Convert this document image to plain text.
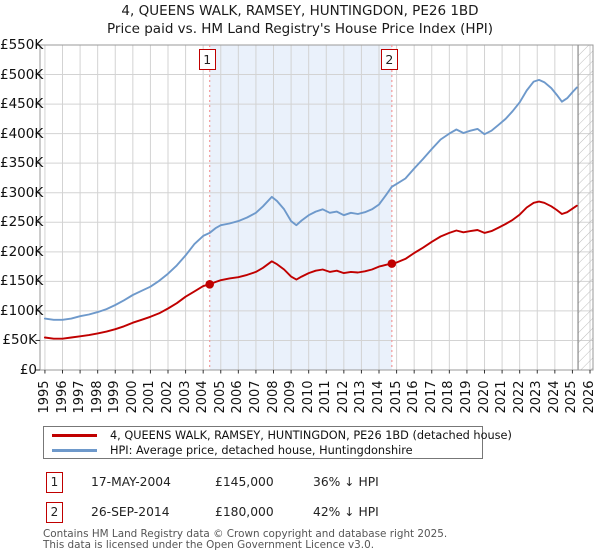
4, QUEENS WALK, RAMSEY, HUNTINGDON, PE26 1BD
Price paid vs. HM Land Registry's House Price Index (HPI)
£0
£50K
£100K
£150K
£200K
£250K
£300K
£350K
£400K
£450K
£500K
£550K
1995 1996 1997 1998 1999 2000 2001 2002 2003 2004 2005 2006 2007 2008 2009 2010 2011 2012 2013 2014 2015 2016 2017 2018 2019 2020 2021 2022 2023 2024 2025 2026
1	2
4, QUEENS WALK, RAMSEY, HUNTINGDON, PE26 1BD (detached house)
HPI: Average price, detached house, Huntingdonshire
1	17-MAY-2004	£145,000	36% ↓ HPI
2	26-SEP-2014	£180,000	42% ↓ HPI
Contains HM Land Registry data © Crown copyright and database right 2025.
This data is licensed under the Open Government Licence v3.0.
